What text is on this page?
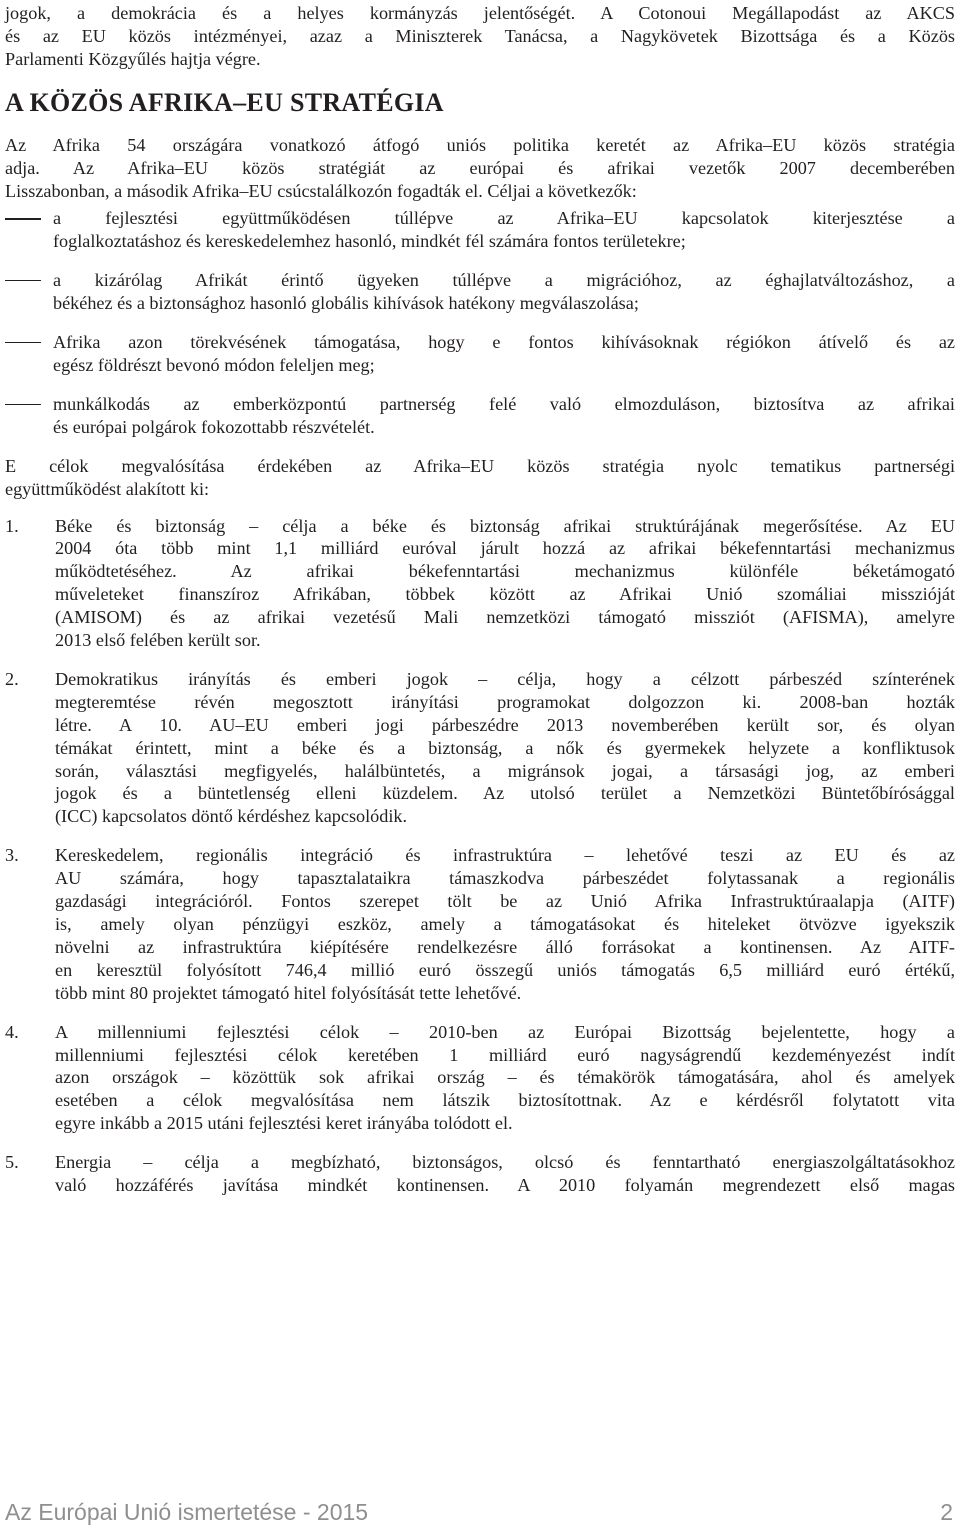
jogok, a demokrácia és a helyes kormányzás jelentőségét. A Cotonoui Megállapodást az AKCS

és az EU közös intézményei, azaz a Miniszterek Tanácsa, a Nagykövetek Bizottsága és a Közös

Parlamenti Közgyűlés hajtja végre.

A KÖZÖS AFRIKA–EU STRATÉGIA

Az Afrika 54 országára vonatkozó átfogó uniós politika keretét az Afrika–EU közös stratégia

adja. Az Afrika–EU közös stratégiát az európai és afrikai vezetők 2007 decemberében

Lisszabonban, a második Afrika–EU csúcstalálkozón fogadták el. Céljai a következők:

a fejlesztési együttműködésen túllépve az Afrika–EU kapcsolatok kiterjesztése a

foglalkoztatáshoz és kereskedelemhez hasonló, mindkét fél számára fontos területekre;

a kizárólag Afrikát érintő ügyeken túllépve a migrációhoz, az éghajlatváltozáshoz, a

békéhez és a biztonsághoz hasonló globális kihívások hatékony megválaszolása;

Afrika azon törekvésének támogatása, hogy e fontos kihívásoknak régiókon átívelő és az

egész földrészt bevonó módon feleljen meg;

munkálkodás az emberközpontú partnerség felé való elmozduláson, biztosítva az afrikai

és európai polgárok fokozottabb részvételét.

E célok megvalósítása érdekében az Afrika–EU közös stratégia nyolc tematikus partnerségi

együttműködést alakított ki:

1. Béke és biztonság – célja a béke és biztonság afrikai struktúrájának megerősítése. Az EU

2004 óta több mint 1,1 milliárd euróval járult hozzá az afrikai békefenntartási mechanizmus

működtetéséhez. Az afrikai békefenntartási mechanizmus különféle béketámogató

műveleteket finanszíroz Afrikában, többek között az Afrikai Unió szomáliai misszióját

(AMISOM) és az afrikai vezetésű Mali nemzetközi támogató missziót (AFISMA), amelyre

2013 első felében került sor.

2. Demokratikus irányítás és emberi jogok – célja, hogy a célzott párbeszéd színterének

megteremtése révén megosztott irányítási programokat dolgozzon ki. 2008-ban hozták

létre. A 10. AU–EU emberi jogi párbeszédre 2013 novemberében került sor, és olyan

témákat érintett, mint a béke és a biztonság, a nők és gyermekek helyzete a konfliktusok

során, választási megfigyelés, halálbüntetés, a migránsok jogai, a társasági jog, az emberi

jogok és a büntetlenség elleni küzdelem. Az utolsó terület a Nemzetközi Büntetőbírósággal

(ICC) kapcsolatos döntő kérdéshez kapcsolódik.

3. Kereskedelem, regionális integráció és infrastruktúra – lehetővé teszi az EU és az

AU számára, hogy tapasztalataikra támaszkodva párbeszédet folytassanak a regionális

gazdasági integrációról. Fontos szerepet tölt be az Unió Afrika Infrastruktúraalapja (AITF)

is, amely olyan pénzügyi eszköz, amely a támogatásokat és hiteleket ötvözve igyekszik

növelni az infrastruktúra kiépítésére rendelkezésre álló forrásokat a kontinensen. Az AITF-

en keresztül folyósított 746,4 millió euró összegű uniós támogatás 6,5 milliárd euró értékű,

több mint 80 projektet támogató hitel folyósítását tette lehetővé.

4. A millenniumi fejlesztési célok – 2010-ben az Európai Bizottság bejelentette, hogy a

millenniumi fejlesztési célok keretében 1 milliárd euró nagyságrendű kezdeményezést indít

azon országok – közöttük sok afrikai ország – és témakörök támogatására, ahol és amelyek

esetében a célok megvalósítása nem látszik biztosítottnak. Az e kérdésről folytatott vita

egyre inkább a 2015 utáni fejlesztési keret irányába tolódott el.

5. Energia – célja a megbízható, biztonságos, olcsó és fenntartható energiaszolgáltatásokhoz

való hozzáférés javítása mindkét kontinensen. A 2010 folyamán megrendezett első magas

Az Európai Unió ismertetése - 2015	2
